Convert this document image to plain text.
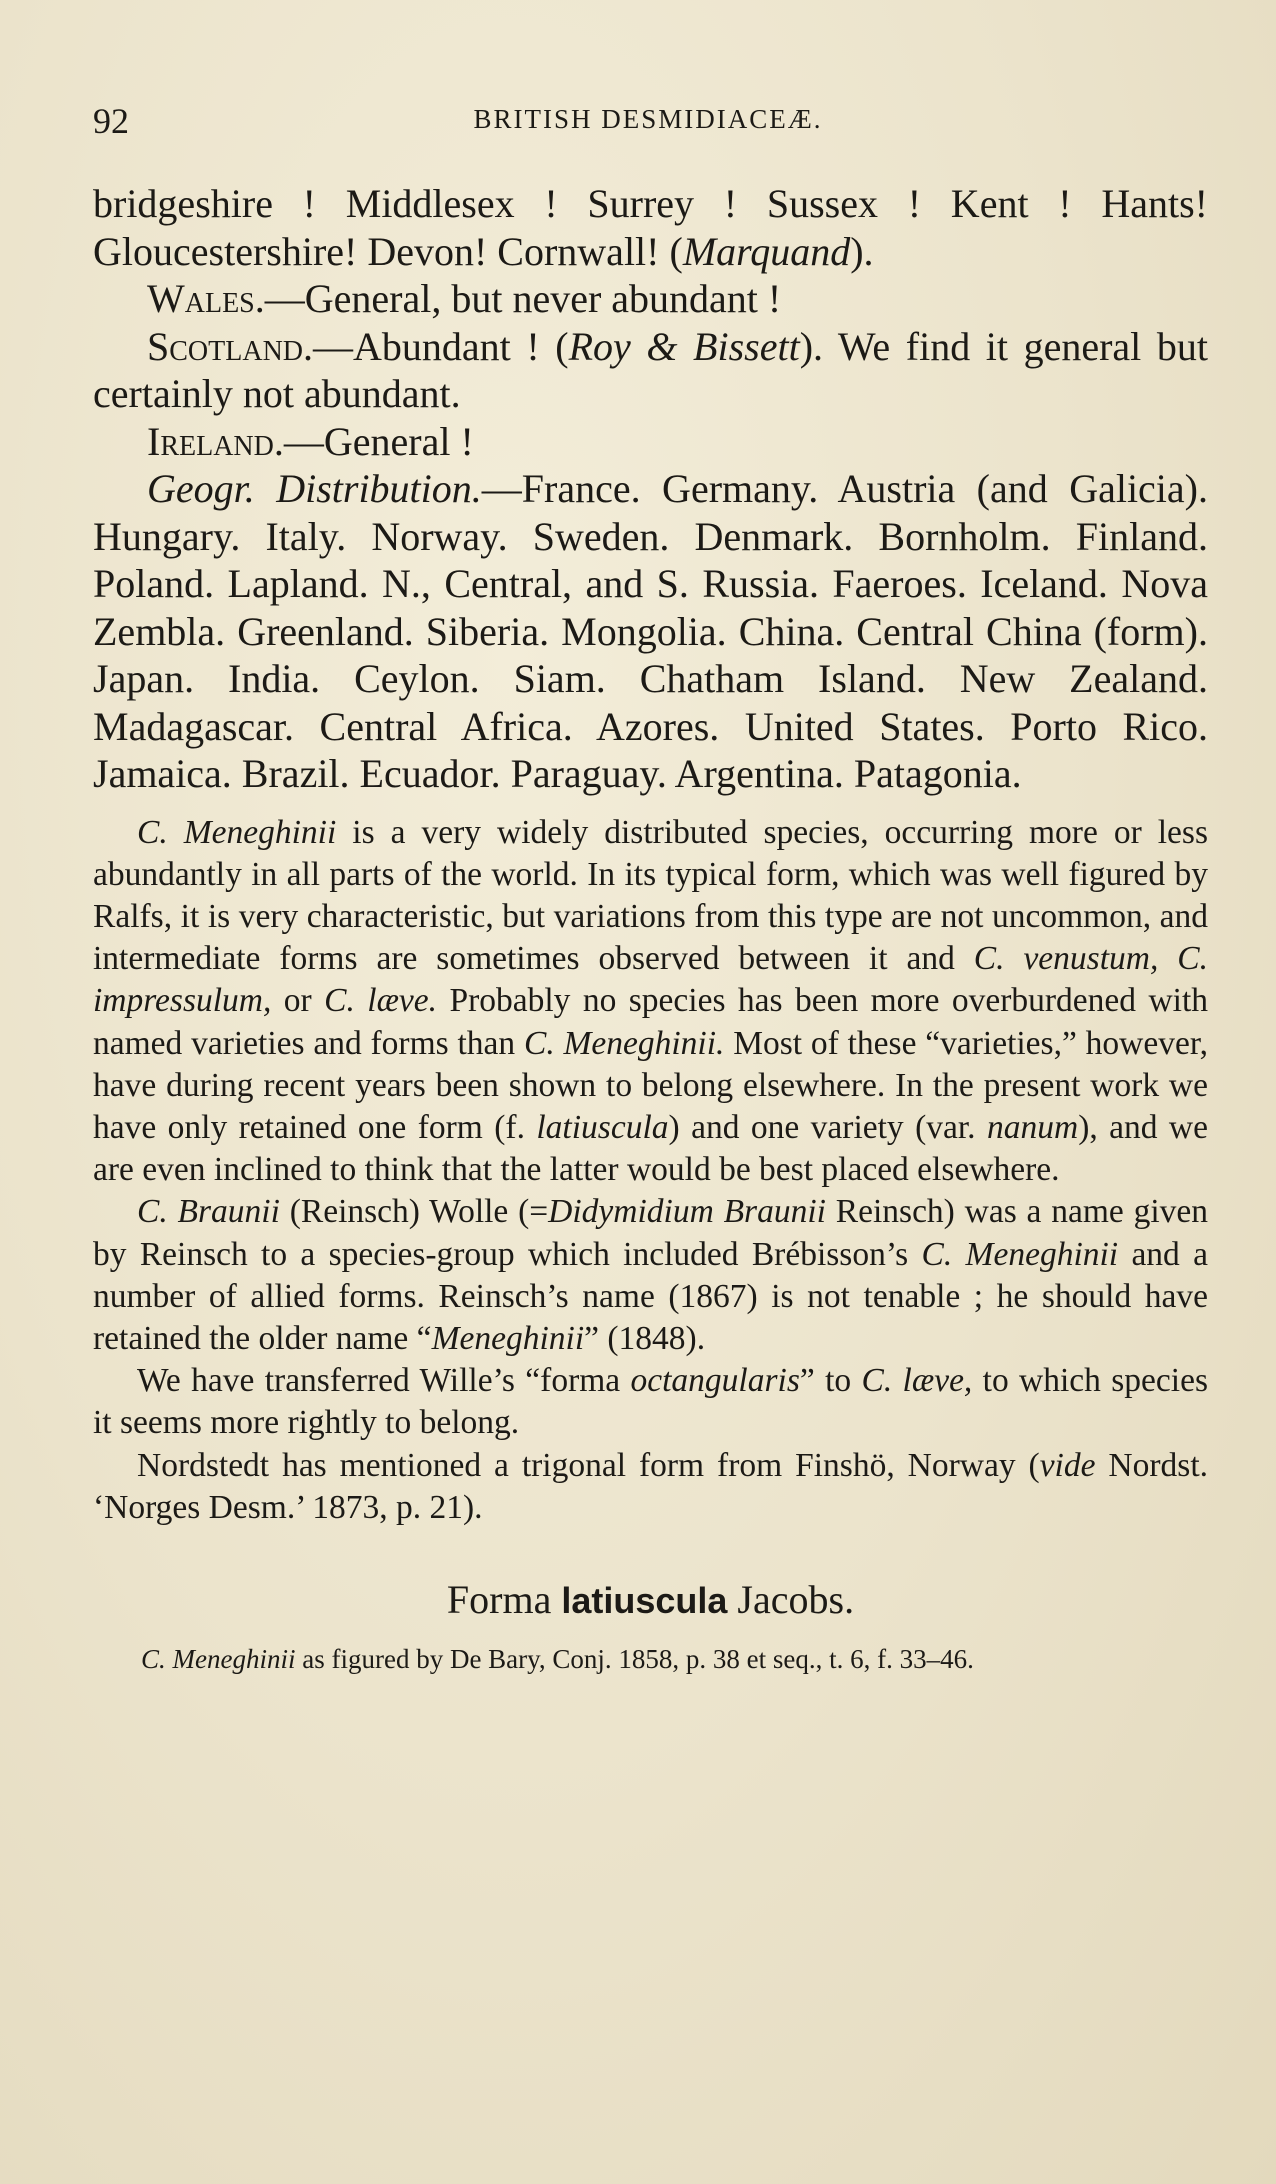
92	BRITISH DESMIDIACEÆ.

bridgeshire ! Middlesex ! Surrey ! Sussex ! Kent ! Hants! Gloucestershire! Devon! Cornwall! (Marquand).

Wales.—General, but never abundant !

Scotland.—Abundant ! (Roy & Bissett). We find it general but certainly not abundant.

Ireland.—General !

Geogr. Distribution.—France. Germany. Austria (and Galicia). Hungary. Italy. Norway. Sweden. Denmark. Bornholm. Finland. Poland. Lapland. N., Central, and S. Russia. Faeroes. Iceland. Nova Zembla. Greenland. Siberia. Mongolia. China. Central China (form). Japan. India. Ceylon. Siam. Chatham Island. New Zealand. Madagascar. Central Africa. Azores. United States. Porto Rico. Jamaica. Brazil. Ecuador. Paraguay. Argentina. Patagonia.

C. Meneghinii is a very widely distributed species, occurring more or less abundantly in all parts of the world. In its typical form, which was well figured by Ralfs, it is very characteristic, but variations from this type are not uncommon, and intermediate forms are sometimes observed between it and C. venustum, C. impressulum, or C. læve. Probably no species has been more overburdened with named varieties and forms than C. Meneghinii. Most of these “varieties,” however, have during recent years been shown to belong elsewhere. In the present work we have only retained one form (f. latiuscula) and one variety (var. nanum), and we are even inclined to think that the latter would be best placed elsewhere.

C. Braunii (Reinsch) Wolle (=Didymidium Braunii Reinsch) was a name given by Reinsch to a species-group which included Brébisson’s C. Meneghinii and a number of allied forms. Reinsch’s name (1867) is not tenable ; he should have retained the older name “Meneghinii” (1848).

We have transferred Wille’s “forma octangularis” to C. læve, to which species it seems more rightly to belong.

Nordstedt has mentioned a trigonal form from Finshö, Norway (vide Nordst. ‘Norges Desm.’ 1873, p. 21).

Forma latiuscula Jacobs.

C. Meneghinii as figured by De Bary, Conj. 1858, p. 38 et seq., t. 6, f. 33–46.
